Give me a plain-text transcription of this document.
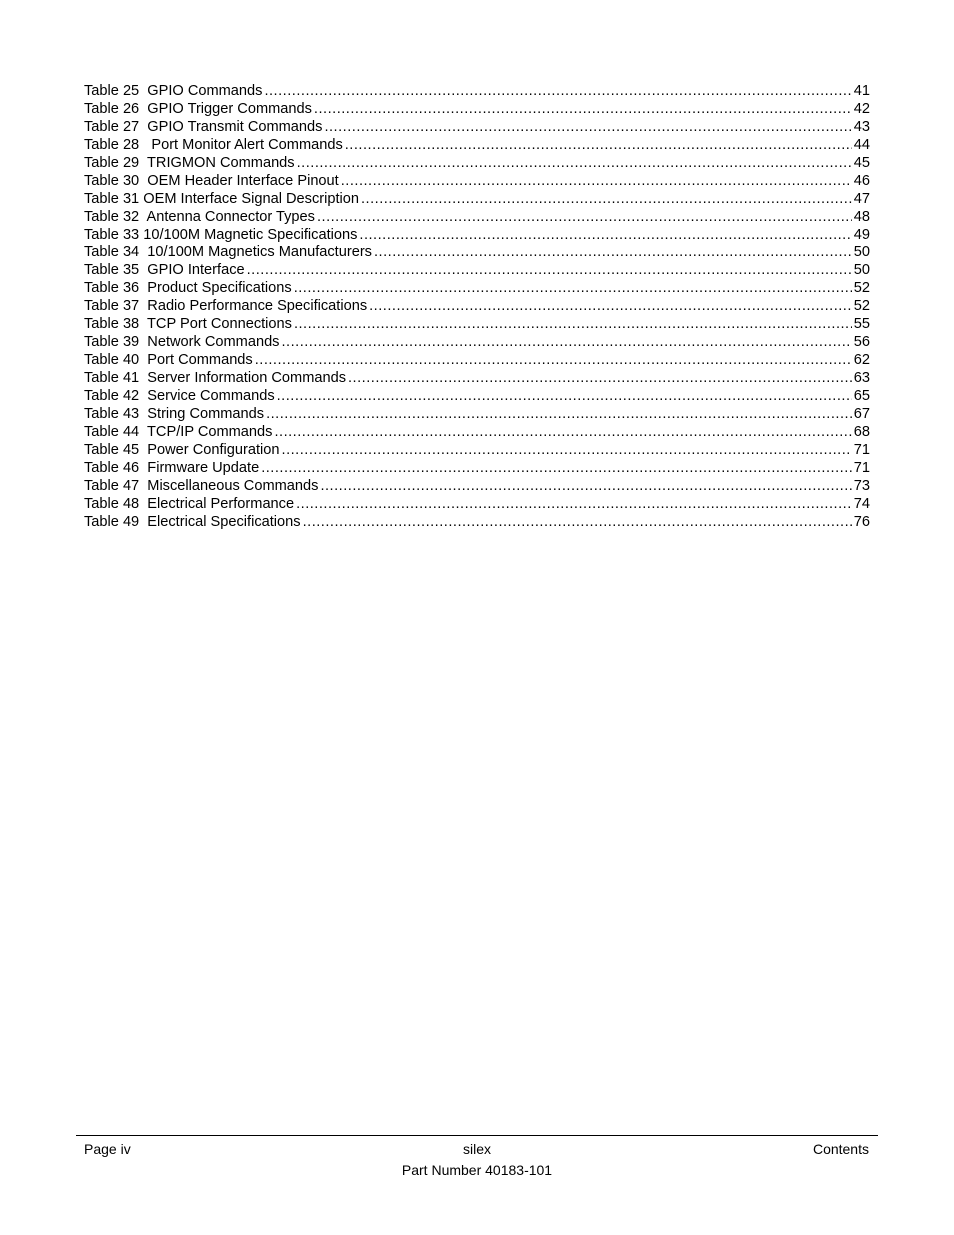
Table 25  GPIO Commands .....	41
Table 26  GPIO Trigger Commands .....	42
Table 27  GPIO Transmit Commands .....	43
Table 28   Port Monitor Alert Commands .....	44
Table 29  TRIGMON Commands .....	45
Table 30  OEM Header Interface Pinout .....	46
Table 31 OEM Interface Signal Description .....	47
Table 32  Antenna Connector Types .....	48
Table 33 10/100M Magnetic Specifications .....	49
Table 34  10/100M Magnetics Manufacturers .....	50
Table 35  GPIO Interface .....	50
Table 36  Product Specifications .....	52
Table 37  Radio Performance Specifications .....	52
Table 38  TCP Port Connections .....	55
Table 39  Network Commands .....	56
Table 40  Port Commands .....	62
Table 41  Server Information Commands .....	63
Table 42  Service Commands .....	65
Table 43  String Commands .....	67
Table 44  TCP/IP Commands .....	68
Table 45  Power Configuration .....	71
Table 46  Firmware Update .....	71
Table 47  Miscellaneous Commands .....	73
Table 48  Electrical Performance .....	74
Table 49  Electrical Specifications .....	76
Page iv	silex	Contents
Part Number 40183-101
